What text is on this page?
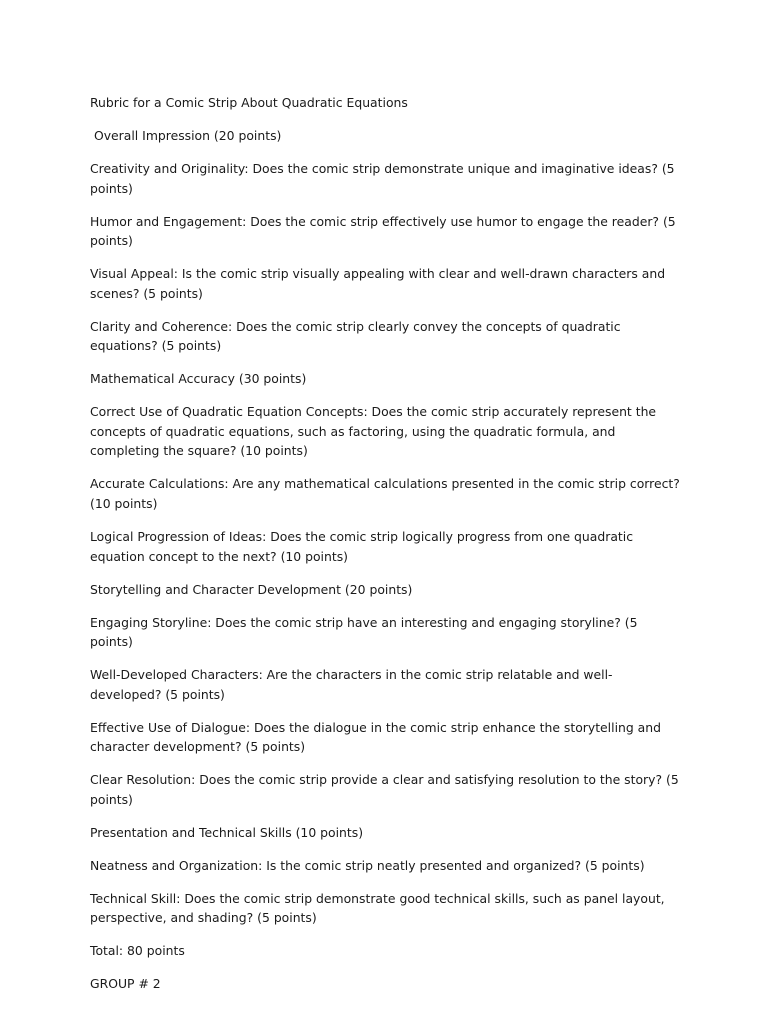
Rubric for a Comic Strip About Quadratic Equations

Overall Impression (20 points)

Creativity and Originality: Does the comic strip demonstrate unique and imaginative ideas? (5 points)

Humor and Engagement: Does the comic strip effectively use humor to engage the reader? (5 points)

Visual Appeal: Is the comic strip visually appealing with clear and well-drawn characters and scenes? (5 points)

Clarity and Coherence: Does the comic strip clearly convey the concepts of quadratic equations? (5 points)

Mathematical Accuracy (30 points)

Correct Use of Quadratic Equation Concepts: Does the comic strip accurately represent the concepts of quadratic equations, such as factoring, using the quadratic formula, and completing the square? (10 points)

Accurate Calculations: Are any mathematical calculations presented in the comic strip correct? (10 points)

Logical Progression of Ideas: Does the comic strip logically progress from one quadratic equation concept to the next? (10 points)

Storytelling and Character Development (20 points)

Engaging Storyline: Does the comic strip have an interesting and engaging storyline? (5 points)

Well-Developed Characters: Are the characters in the comic strip relatable and well-developed? (5 points)

Effective Use of Dialogue: Does the dialogue in the comic strip enhance the storytelling and character development? (5 points)

Clear Resolution: Does the comic strip provide a clear and satisfying resolution to the story? (5 points)

Presentation and Technical Skills (10 points)

Neatness and Organization: Is the comic strip neatly presented and organized? (5 points)

Technical Skill: Does the comic strip demonstrate good technical skills, such as panel layout, perspective, and shading? (5 points)

Total: 80 points

GROUP # 2
